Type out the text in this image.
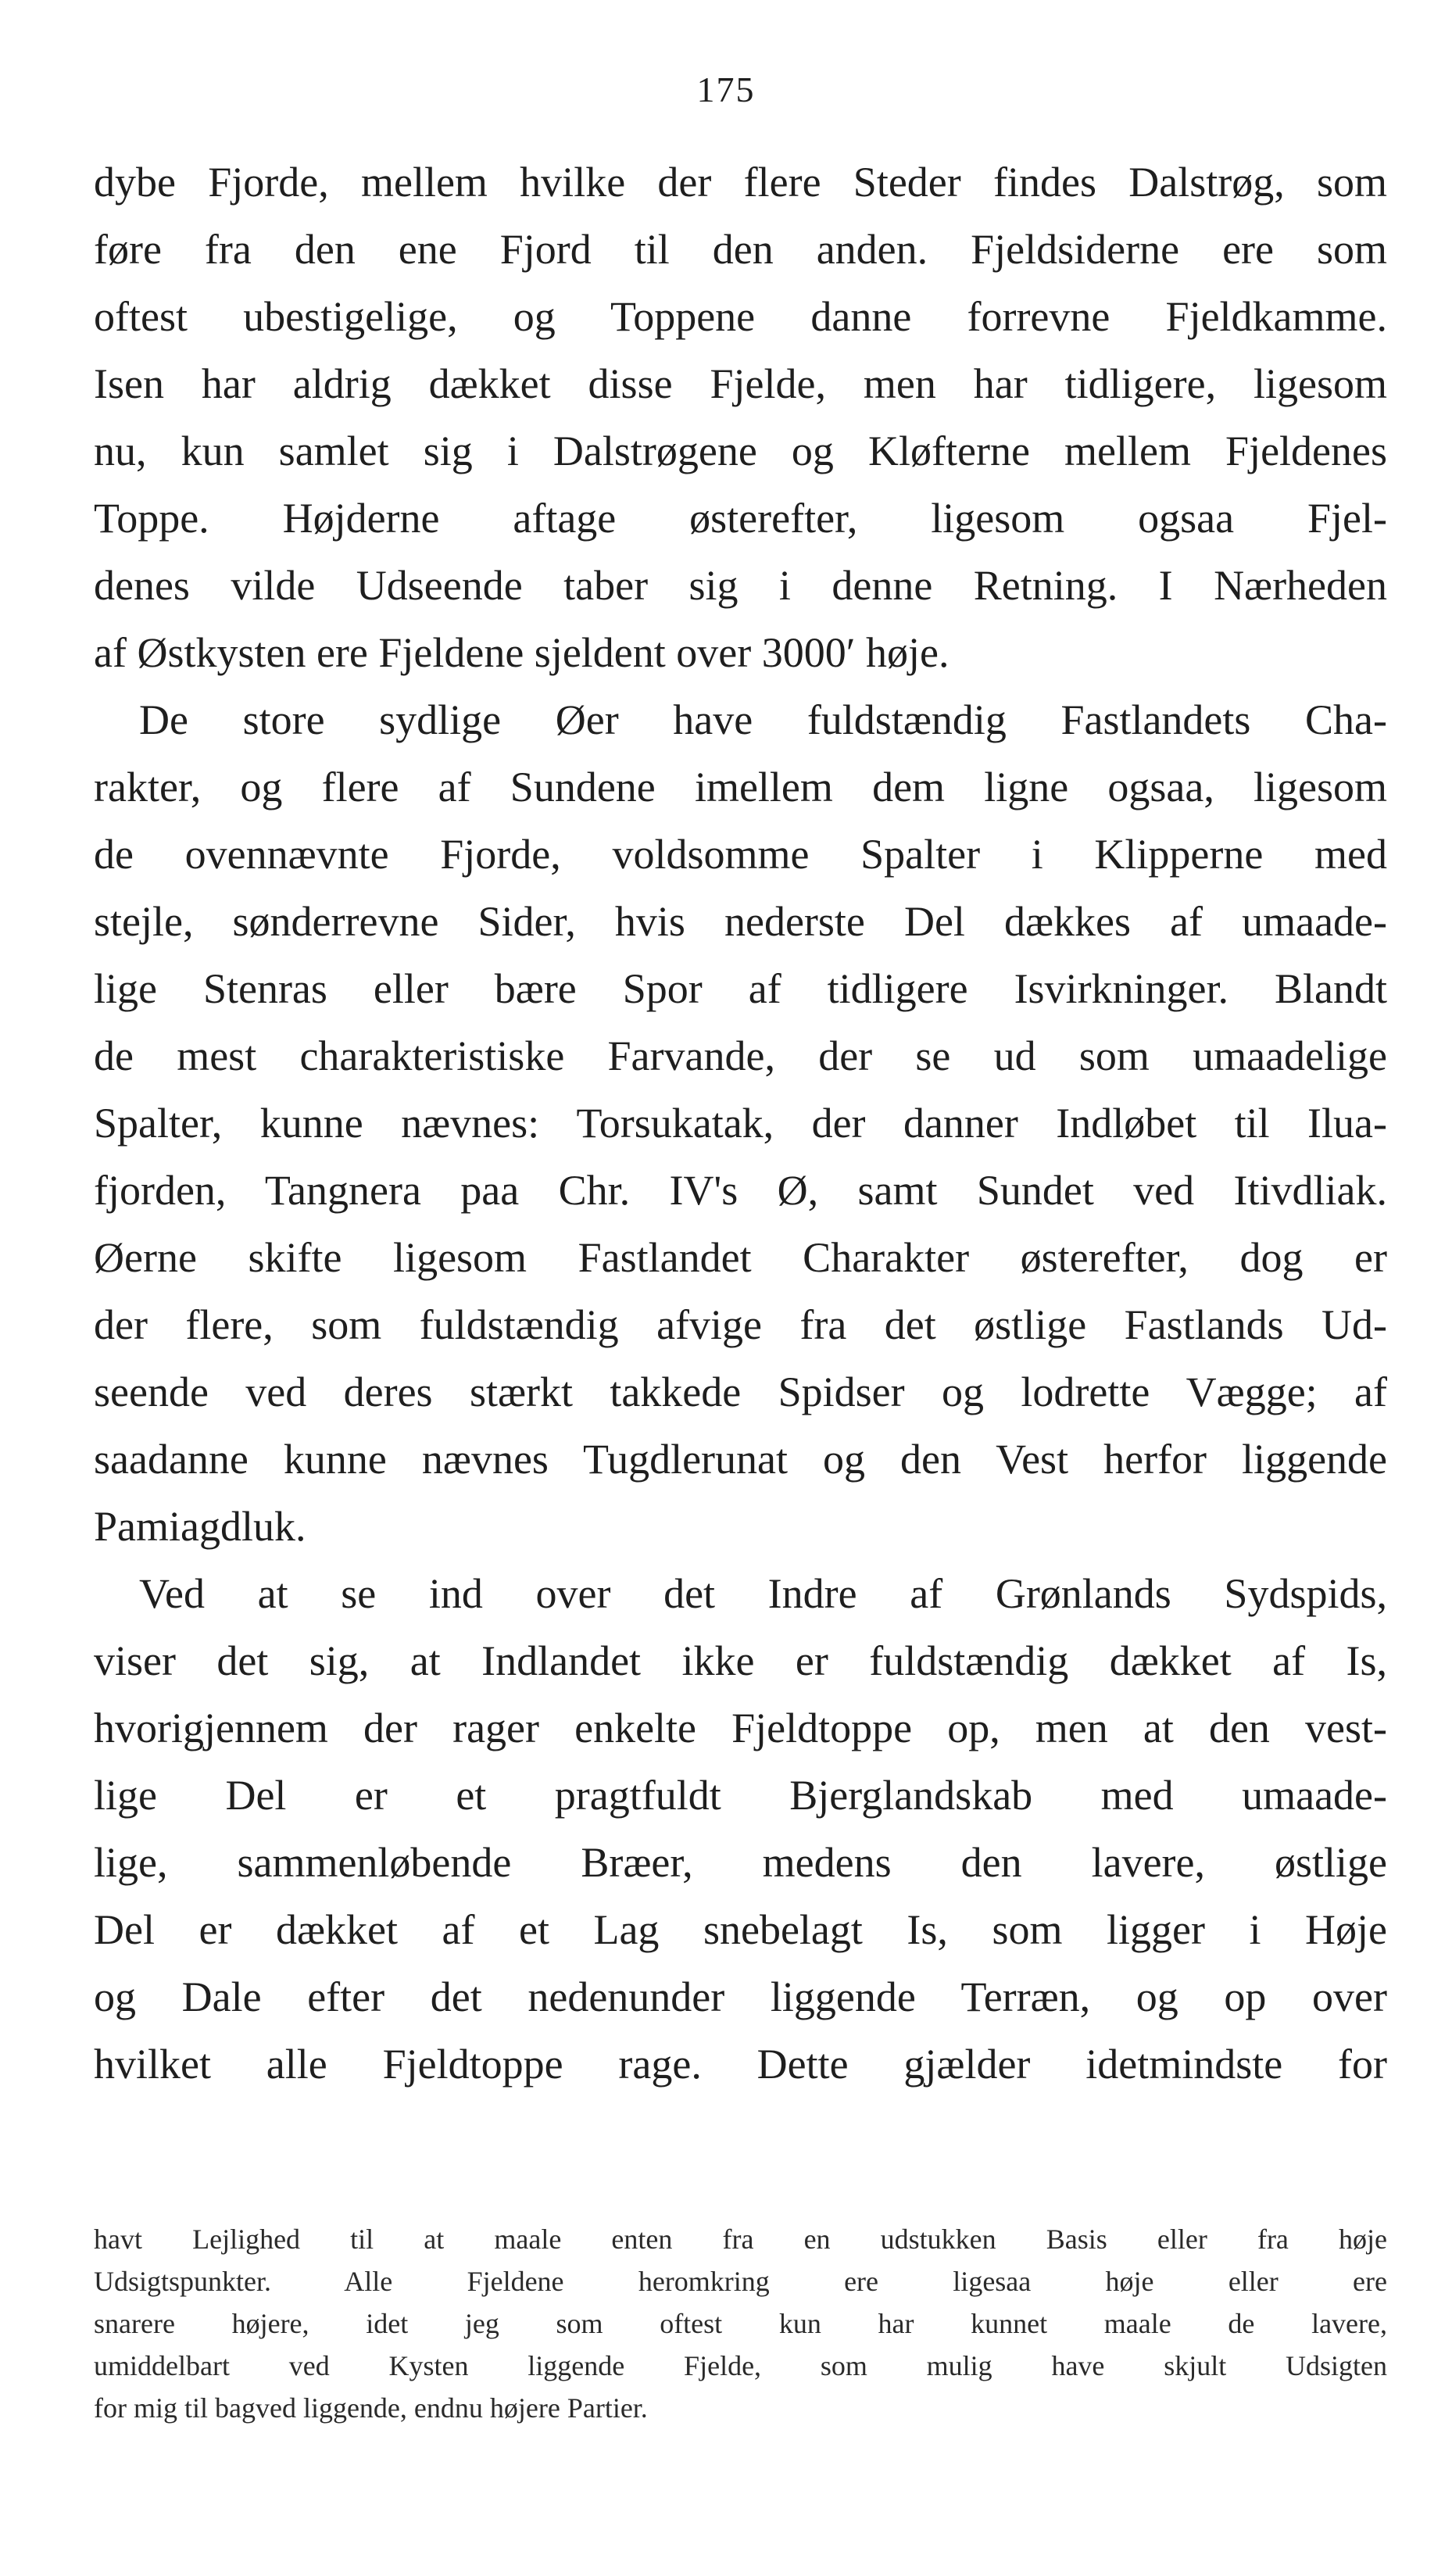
175
dybe Fjorde, mellem hvilke der flere Steder findes Dalstrøg, som
føre fra den ene Fjord til den anden. Fjeldsiderne ere som
oftest ubestigelige, og Toppene danne forrevne Fjeldkamme.
Isen har aldrig dækket disse Fjelde, men har tidligere, ligesom
nu, kun samlet sig i Dalstrøgene og Kløfterne mellem Fjeldenes
Toppe. Højderne aftage østerefter, ligesom ogsaa Fjel-
denes vilde Udseende taber sig i denne Retning. I Nærheden
af Østkysten ere Fjeldene sjeldent over 3000′ høje.
De store sydlige Øer have fuldstændig Fastlandets Cha-
rakter, og flere af Sundene imellem dem ligne ogsaa, ligesom
de ovennævnte Fjorde, voldsomme Spalter i Klipperne med
stejle, sønderrevne Sider, hvis nederste Del dækkes af umaade-
lige Stenras eller bære Spor af tidligere Isvirkninger. Blandt
de mest charakteristiske Farvande, der se ud som umaadelige
Spalter, kunne nævnes: Torsukatak, der danner Indløbet til Ilua-
fjorden, Tangnera paa Chr. IV's Ø, samt Sundet ved Itivdliak.
Øerne skifte ligesom Fastlandet Charakter østerefter, dog er
der flere, som fuldstændig afvige fra det østlige Fastlands Ud-
seende ved deres stærkt takkede Spidser og lodrette Vægge; af
saadanne kunne nævnes Tugdlerunat og den Vest herfor liggende
Pamiagdluk.
Ved at se ind over det Indre af Grønlands Sydspids,
viser det sig, at Indlandet ikke er fuldstændig dækket af Is,
hvorigjennem der rager enkelte Fjeldtoppe op, men at den vest-
lige Del er et pragtfuldt Bjerglandskab med umaade-
lige, sammenløbende Bræer, medens den lavere, østlige
Del er dækket af et Lag snebelagt Is, som ligger i Høje
og Dale efter det nedenunder liggende Terræn, og op over
hvilket alle Fjeldtoppe rage. Dette gjælder idetmindste for
havt Lejlighed til at maale enten fra en udstukken Basis eller fra høje
Udsigtspunkter. Alle Fjeldene heromkring ere ligesaa høje eller ere
snarere højere, idet jeg som oftest kun har kunnet maale de lavere,
umiddelbart ved Kysten liggende Fjelde, som mulig have skjult Udsigten
for mig til bagved liggende, endnu højere Partier.
